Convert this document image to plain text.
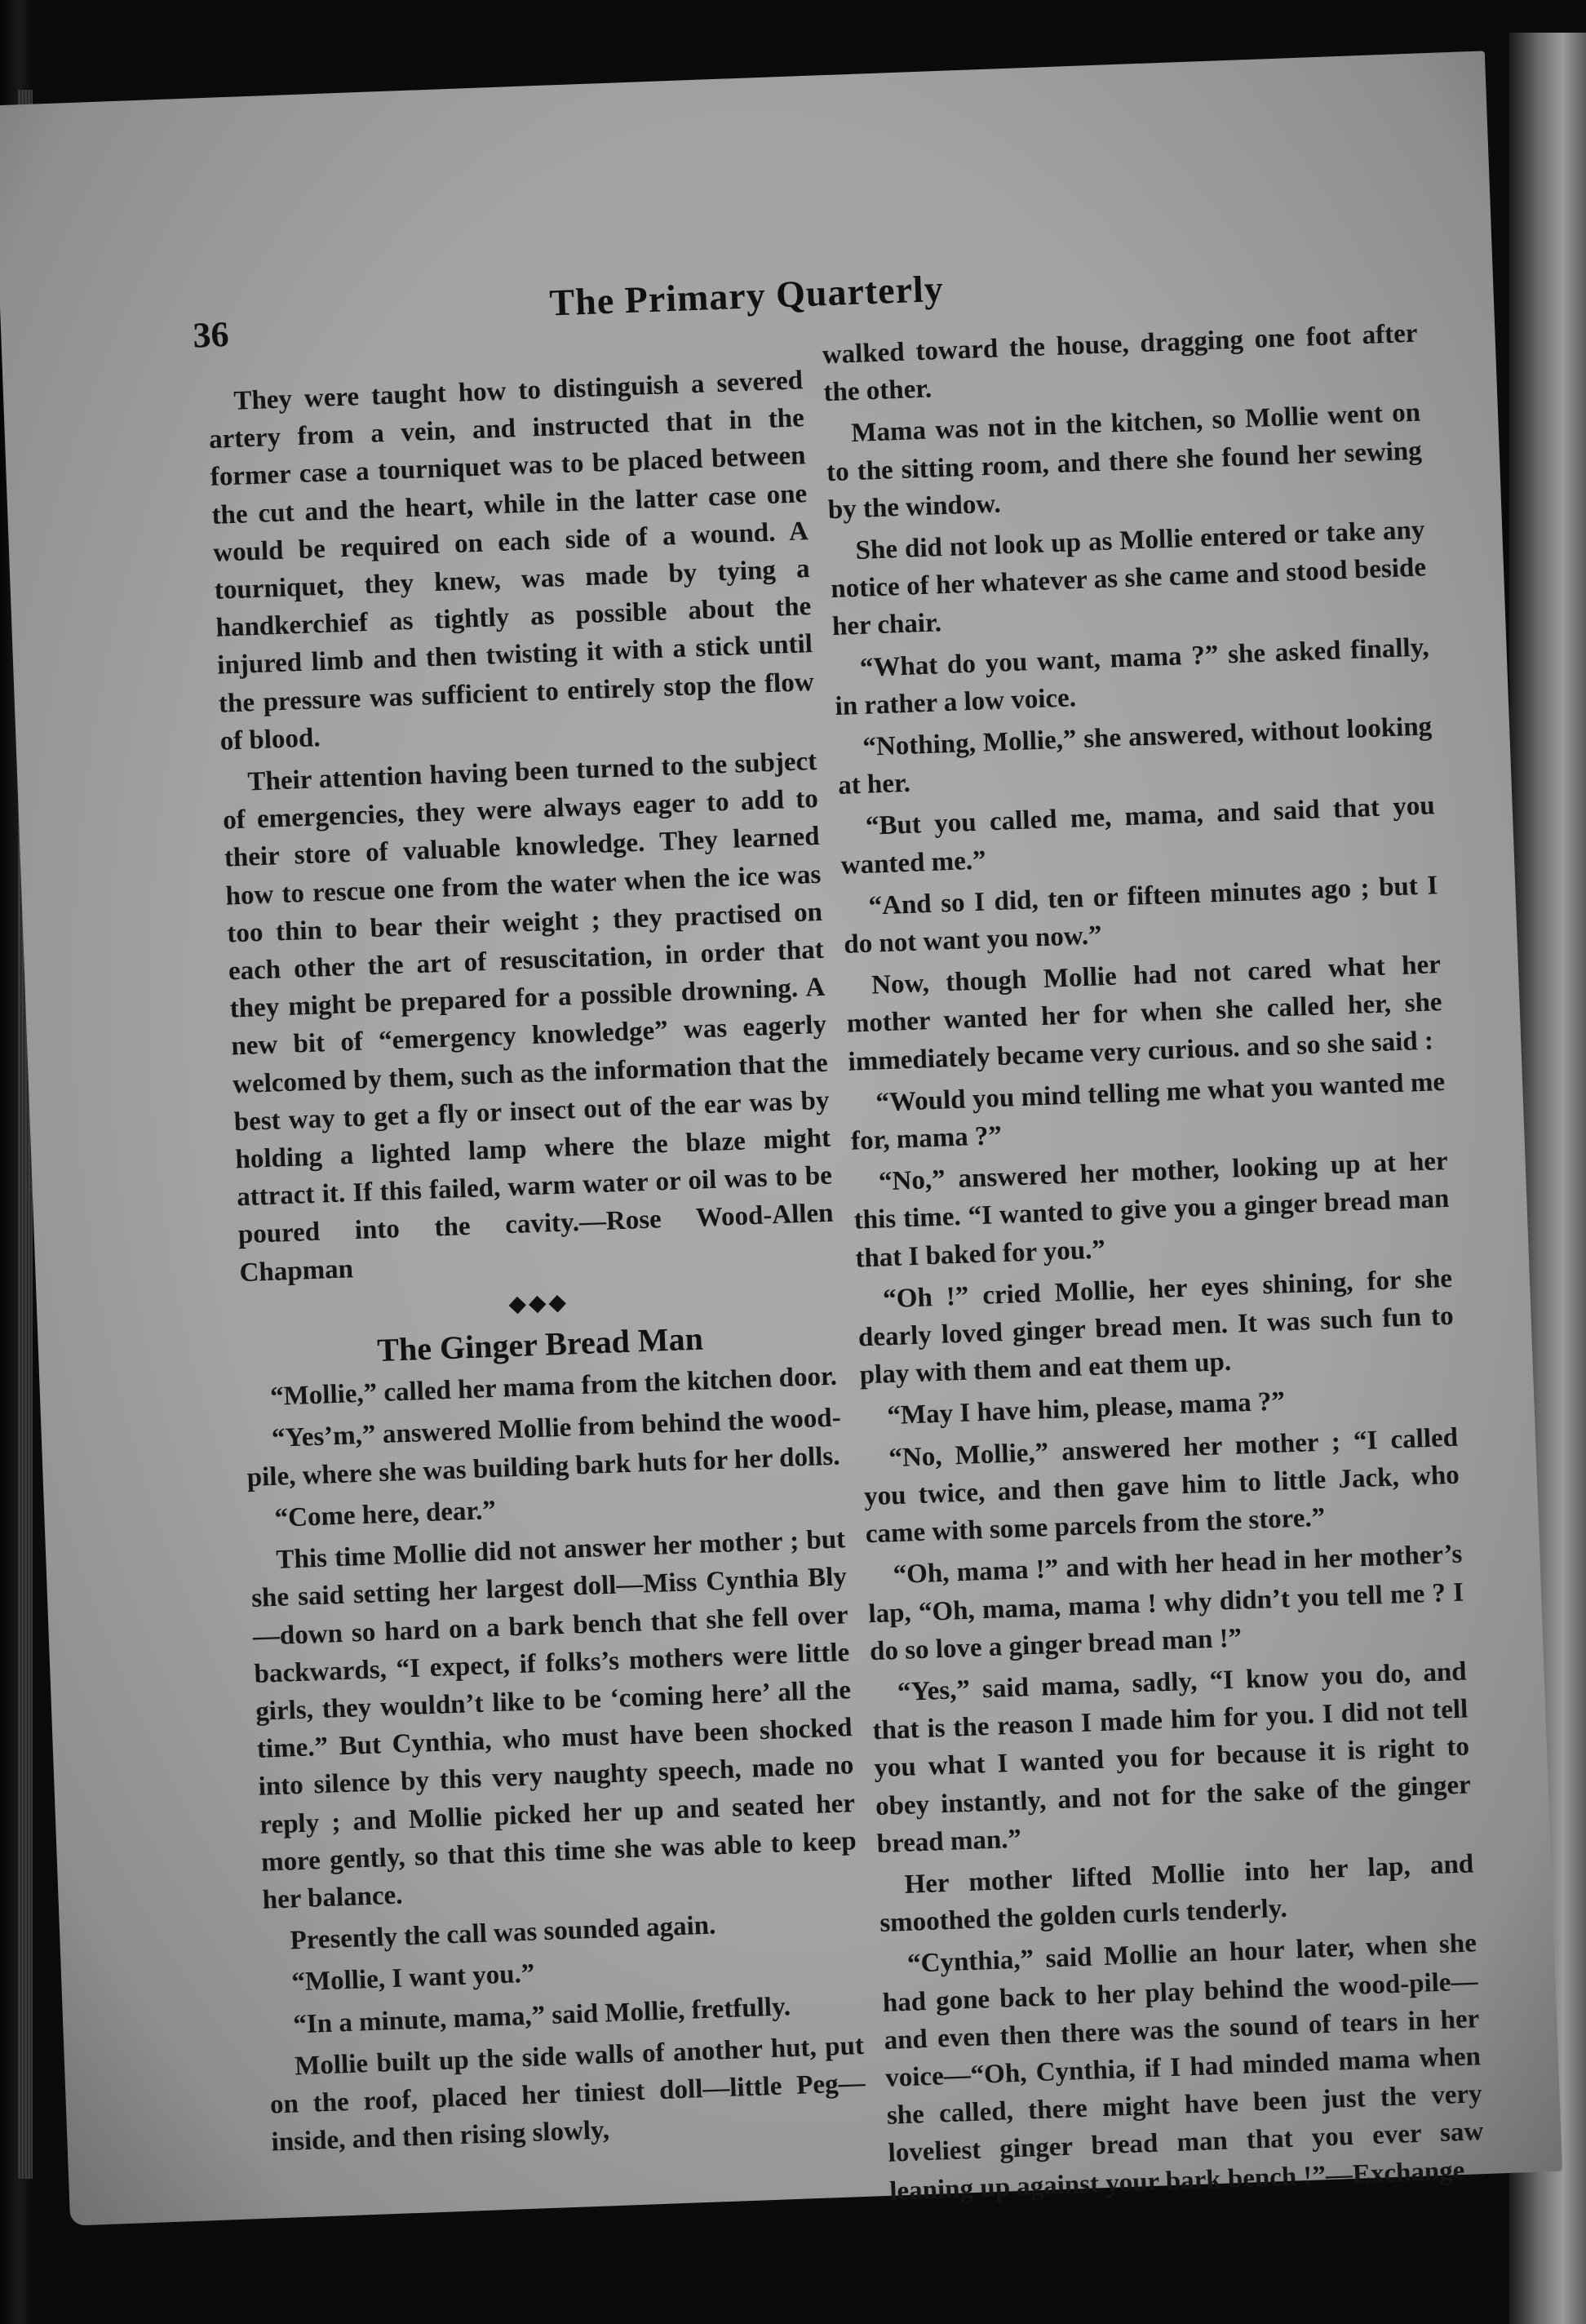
36
The Primary Quarterly

They were taught how to distinguish a severed artery from a vein, and instructed that in the former case a tourniquet was to be placed between the cut and the heart, while in the latter case one would be required on each side of a wound. A tourniquet, they knew, was made by tying a handkerchief as tightly as possible about the injured limb and then twisting it with a stick until the pressure was sufficient to entirely stop the flow of blood.

Their attention having been turned to the subject of emergencies, they were always eager to add to their store of valuable knowledge. They learned how to rescue one from the water when the ice was too thin to bear their weight ; they practised on each other the art of resuscitation, in order that they might be prepared for a possible drowning. A new bit of “emergency knowledge” was eagerly welcomed by them, such as the information that the best way to get a fly or insect out of the ear was by holding a lighted lamp where the blaze might attract it. If this failed, warm water or oil was to be poured into the cavity.—Rose Wood-Allen Chapman

◆◆◆
The Ginger Bread Man

“Mollie,” called her mama from the kitchen door.

“Yes’m,” answered Mollie from behind the wood-pile, where she was building bark huts for her dolls.

“Come here, dear.”

This time Mollie did not answer her mother ; but she said setting her largest doll—Miss Cynthia Bly—down so hard on a bark bench that she fell over backwards, “I expect, if folks’s mothers were little girls, they wouldn’t like to be ‘coming here’ all the time.” But Cynthia, who must have been shocked into silence by this very naughty speech, made no reply ; and Mollie picked her up and seated her more gently, so that this time she was able to keep her balance.

Presently the call was sounded again.

“Mollie, I want you.”

“In a minute, mama,” said Mollie, fretfully.

Mollie built up the side walls of another hut, put on the roof, placed her tiniest doll—little Peg—inside, and then rising slowly,

walked toward the house, dragging one foot after the other.

Mama was not in the kitchen, so Mollie went on to the sitting room, and there she found her sewing by the window.

She did not look up as Mollie entered or take any notice of her whatever as she came and stood beside her chair.

“What do you want, mama ?” she asked finally, in rather a low voice.

“Nothing, Mollie,” she answered, without looking at her.

“But you called me, mama, and said that you wanted me.”

“And so I did, ten or fifteen minutes ago ; but I do not want you now.”

Now, though Mollie had not cared what her mother wanted her for when she called her, she immediately became very curious. and so she said :

“Would you mind telling me what you wanted me for, mama ?”

“No,” answered her mother, looking up at her this time. “I wanted to give you a ginger bread man that I baked for you.”

“Oh !” cried Mollie, her eyes shining, for she dearly loved ginger bread men. It was such fun to play with them and eat them up.

“May I have him, please, mama ?”

“No, Mollie,” answered her mother ; “I called you twice, and then gave him to little Jack, who came with some parcels from the store.”

“Oh, mama !” and with her head in her mother’s lap, “Oh, mama, mama ! why didn’t you tell me ? I do so love a ginger bread man !”

“Yes,” said mama, sadly, “I know you do, and that is the reason I made him for you. I did not tell you what I wanted you for because it is right to obey instantly, and not for the sake of the ginger bread man.”

Her mother lifted Mollie into her lap, and smoothed the golden curls tenderly.

“Cynthia,” said Mollie an hour later, when she had gone back to her play behind the wood-pile—and even then there was the sound of tears in her voice—“Oh, Cynthia, if I had minded mama when she called, there might have been just the very loveliest ginger bread man that you ever saw leaning up against your bark bench !”—Exchange
